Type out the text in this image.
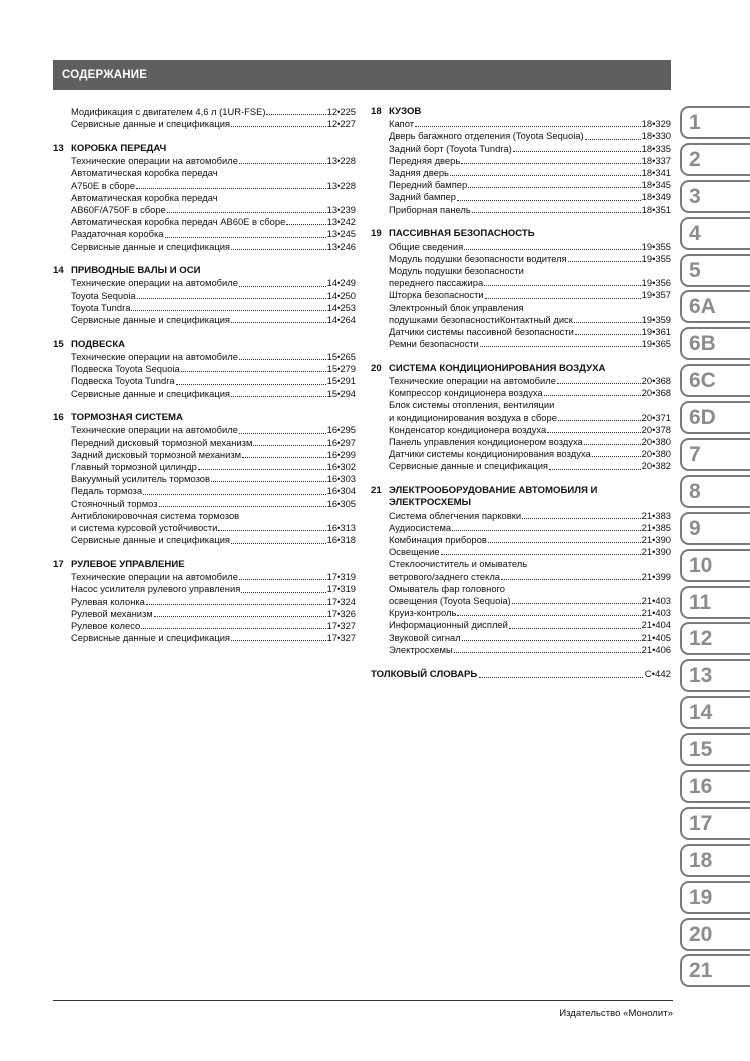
СОДЕРЖАНИЕ
Модификация с двигателем 4,6 л (1UR-FSE)	12•225
Сервисные данные и спецификация	12•227
13 КОРОБКА ПЕРЕДАЧ
Технические операции на автомобиле	13•228
Автоматическая коробка передач
A750E в сборе	13•228
Автоматическая коробка передач
AB60F/A750F в сборе	13•239
Автоматическая коробка передач AB60E в сборе	13•242
Раздаточная коробка	13•245
Сервисные данные и спецификация	13•246
14 ПРИВОДНЫЕ ВАЛЫ И ОСИ
Технические операции на автомобиле	14•249
Toyota Sequoia	14•250
Toyota Tundra	14•253
Сервисные данные и спецификация	14•264
15 ПОДВЕСКА
Технические операции на автомобиле	15•265
Подвеска Toyota Sequoia	15•279
Подвеска Toyota Tundra	15•291
Сервисные данные и спецификация	15•294
16 ТОРМОЗНАЯ СИСТЕМА
Технические операции на автомобиле	16•295
Передний дисковый тормозной механизм	16•297
Задний дисковый тормозной механизм	16•299
Главный тормозной цилиндр	16•302
Вакуумный усилитель тормозов	16•303
Педаль тормоза	16•304
Стояночный тормоз	16•305
Антиблокировочная система тормозов
и система курсовой устойчивости	16•313
Сервисные данные и спецификация	16•318
17 РУЛЕВОЕ УПРАВЛЕНИЕ
Технические операции на автомобиле	17•319
Насос усилителя рулевого управления	17•319
Рулевая колонка	17•324
Рулевой механизм	17•326
Рулевое колесо	17•327
Сервисные данные и спецификация	17•327
18 КУЗОВ
Капот	18•329
Дверь багажного отделения (Toyota Sequoia)	18•330
Задний борт (Toyota Tundra)	18•335
Передняя дверь	18•337
Задняя дверь	18•341
Передний бампер	18•345
Задний бампер	18•349
Приборная панель	18•351
19 ПАССИВНАЯ БЕЗОПАСНОСТЬ
Общие сведения	19•355
Модуль подушки безопасности водителя	19•355
Модуль подушки безопасности
переднего пассажира	19•356
Шторка безопасности	19•357
Электронный блок управления
подушками безопасностиКонтактный диск	19•359
Датчики системы пассивной безопасности	19•361
Ремни безопасности	19•365
20 СИСТЕМА КОНДИЦИОНИРОВАНИЯ ВОЗДУХА
Технические операции на автомобиле	20•368
Компрессор кондиционера воздуха	20•368
Блок системы отопления, вентиляции
и кондиционирования воздуха в сборе	20•371
Конденсатор кондиционера воздуха	20•378
Панель управления кондиционером воздуха	20•380
Датчики системы кондиционирования воздуха	20•380
Сервисные данные и спецификация	20•382
21 ЭЛЕКТРООБОРУДОВАНИЕ АВТОМОБИЛЯ И ЭЛЕКТРОСХЕМЫ
Система облегчения парковки	21•383
Аудиосистема	21•385
Комбинация приборов	21•390
Освещение	21•390
Стеклоочиститель и омыватель
ветрового/заднего стекла	21•399
Омыватель фар головного
освещения (Toyota Sequoia)	21•403
Круиз-контроль	21•403
Информационный дисплей	21•404
Звуковой сигнал	21•405
Электросхемы	21•406
ТОЛКОВЫЙ СЛОВАРЬ	С•442
1
2
3
4
5
6A
6B
6C
6D
7
8
9
10
11
12
13
14
15
16
17
18
19
20
21
Издательство «Монолит»
